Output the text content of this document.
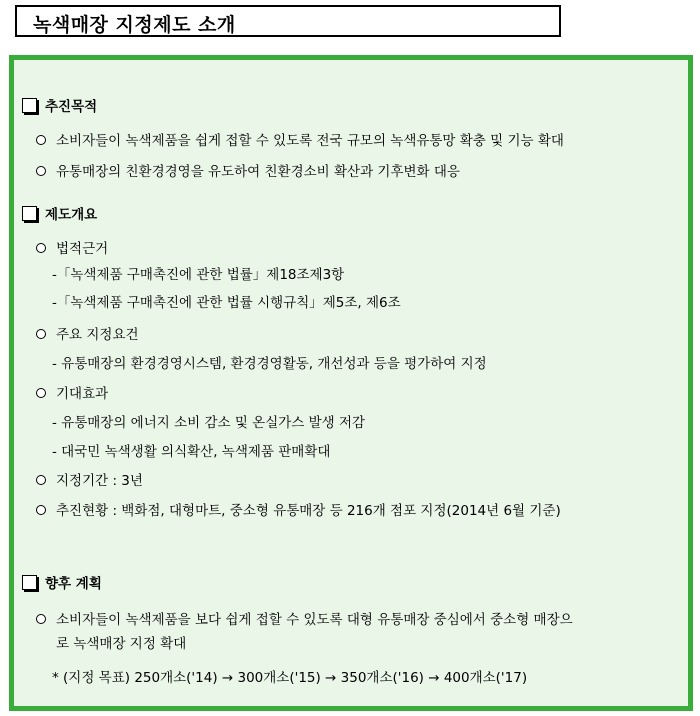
녹색매장 지정제도 소개
추진목적
소비자들이 녹색제품을 쉽게 접할 수 있도록 전국 규모의 녹색유통망 확충 및 기능 확대
유통매장의 친환경경영을 유도하여 친환경소비 확산과 기후변화 대응
제도개요
법적근거
-「녹색제품 구매촉진에 관한 법률」제18조제3항
-「녹색제품 구매촉진에 관한 법률 시행규칙」제5조, 제6조
주요 지정요건
- 유통매장의 환경경영시스템, 환경경영활동, 개선성과 등을 평가하여 지정
기대효과
- 유통매장의 에너지 소비 감소 및 온실가스 발생 저감
- 대국민 녹색생활 의식확산, 녹색제품 판매확대
지정기간 : 3년
추진현황 : 백화점, 대형마트, 중소형 유통매장 등 216개 점포 지정(2014년 6월 기준)
향후 계획
소비자들이 녹색제품을 보다 쉽게 접할 수 있도록 대형 유통매장 중심에서 중소형 매장으
로 녹색매장 지정 확대
* (지정 목표) 250개소('14) → 300개소('15) → 350개소('16) → 400개소('17)
